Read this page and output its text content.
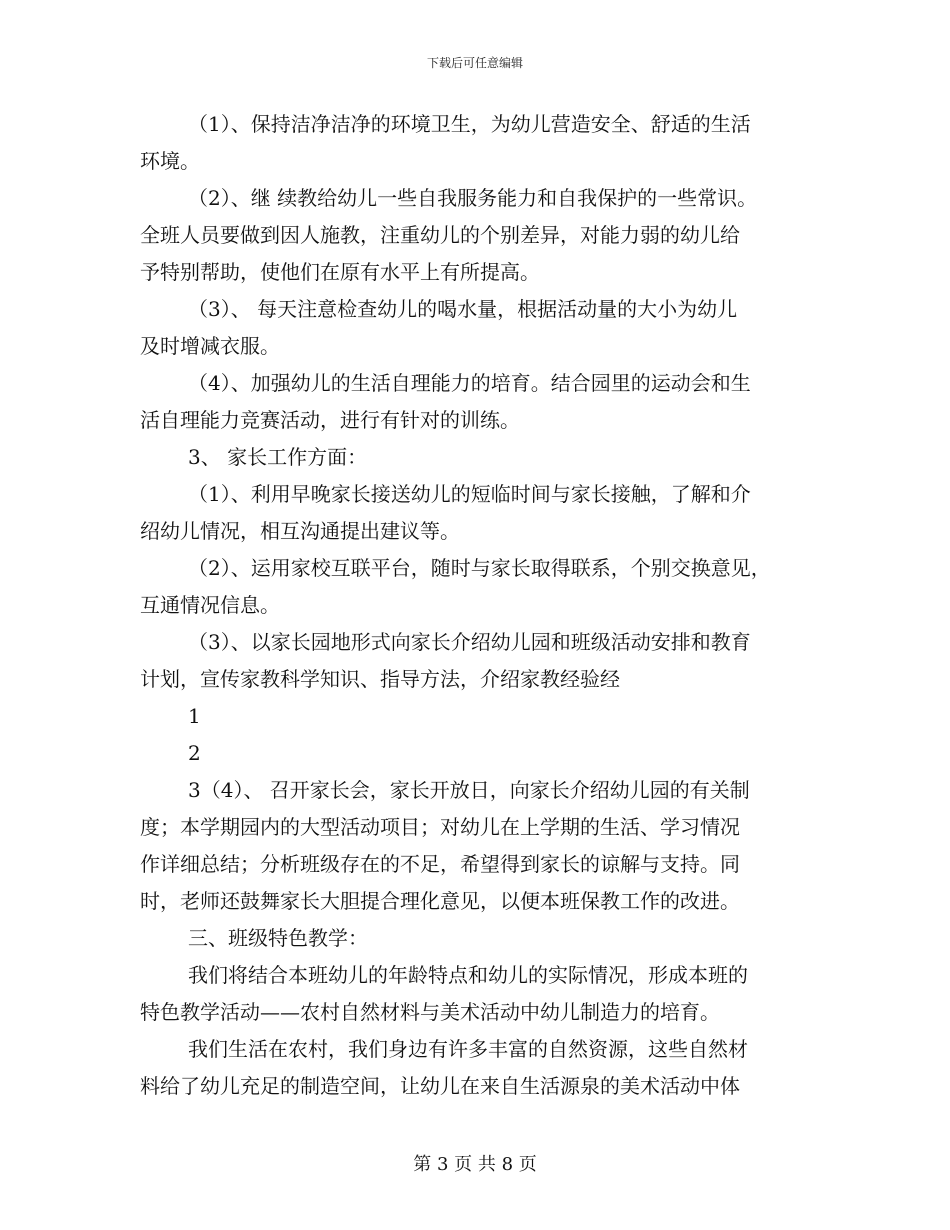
下载后可任意编辑
（1）、保持洁净洁净的环境卫生，为幼儿营造安全、舒适的生活
环境。
（2）、继 续教给幼儿一些自我服务能力和自我保护的一些常识。
全班人员要做到因人施教，注重幼儿的个别差异，对能力弱的幼儿给
予特别帮助，使他们在原有水平上有所提高。
（3）、 每天注意检查幼儿的喝水量，根据活动量的大小为幼儿
及时增减衣服。
（4）、加强幼儿的生活自理能力的培育。结合园里的运动会和生
活自理能力竞赛活动，进行有针对的训练。
3、 家长工作方面：
（1）、利用早晚家长接送幼儿的短临时间与家长接触，了解和介
绍幼儿情况，相互沟通提出建议等。
（2）、运用家校互联平台，随时与家长取得联系，个别交换意见，
互通情况信息。
（3）、以家长园地形式向家长介绍幼儿园和班级活动安排和教育
计划，宣传家教科学知识、指导方法，介绍家教经验经
1
2
3（4）、 召开家长会，家长开放日，向家长介绍幼儿园的有关制
度；本学期园内的大型活动项目；对幼儿在上学期的生活、学习情况
作详细总结；分析班级存在的不足，希望得到家长的谅解与支持。同
时，老师还鼓舞家长大胆提合理化意见，以便本班保教工作的改进。
三、班级特色教学：
我们将结合本班幼儿的年龄特点和幼儿的实际情况，形成本班的
特色教学活动——农村自然材料与美术活动中幼儿制造力的培育。
我们生活在农村，我们身边有许多丰富的自然资源，这些自然材
料给了幼儿充足的制造空间，让幼儿在来自生活源泉的美术活动中体
第 3 页 共 8 页
